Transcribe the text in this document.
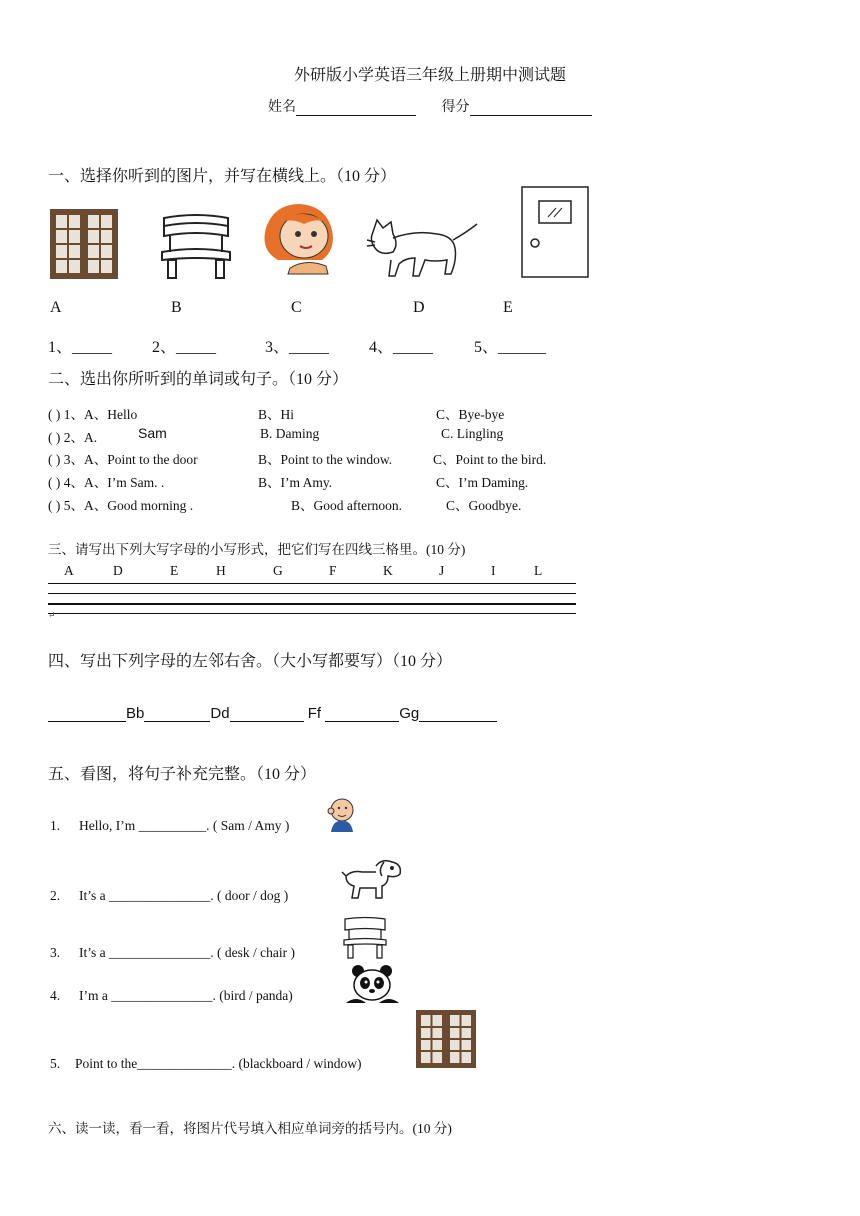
外研版小学英语三年级上册期中测试题
姓名	得分
一、选择你听到的图片，并写在横线上。（10 分）
A	B	C	D	E
1、_____ 2、_____	3、_____ 4、_____	5、______
二、选出你所听到的单词或句子。（10 分）
( ) 1、A、Hello	B、Hi	C、Bye-bye
( ) 2、A.	Sam	B. Daming	C. Lingling
( ) 3、A、Point to the door	B、Point to the window.	C、Point to the bird.
( ) 4、A、I’m Sam. .	B、I’m Amy.	C、I’m Daming.
( ) 5、A、Good morning .	B、Good afternoon.	C、Goodbye.
三、请写出下列大写字母的小写形式，把它们写在四线三格里。(10 分)
A	D	E	H	G	F	K	J	I	L
↵
四、写出下列字母的左邻右舍。（大小写都要写）（10 分）
Bb	Dd	Ff	Gg
五、看图，将句子补充完整。（10 分）
1. Hello, I’m __________. ( Sam / Amy )
2. It’s a _______________. ( door / dog )
3. It’s a _______________. ( desk / chair )
4. I’m a _______________. (bird / panda)
5. Point to the______________. (blackboard / window)
六、读一读，看一看，将图片代号填入相应单词旁的括号内。(10 分)
